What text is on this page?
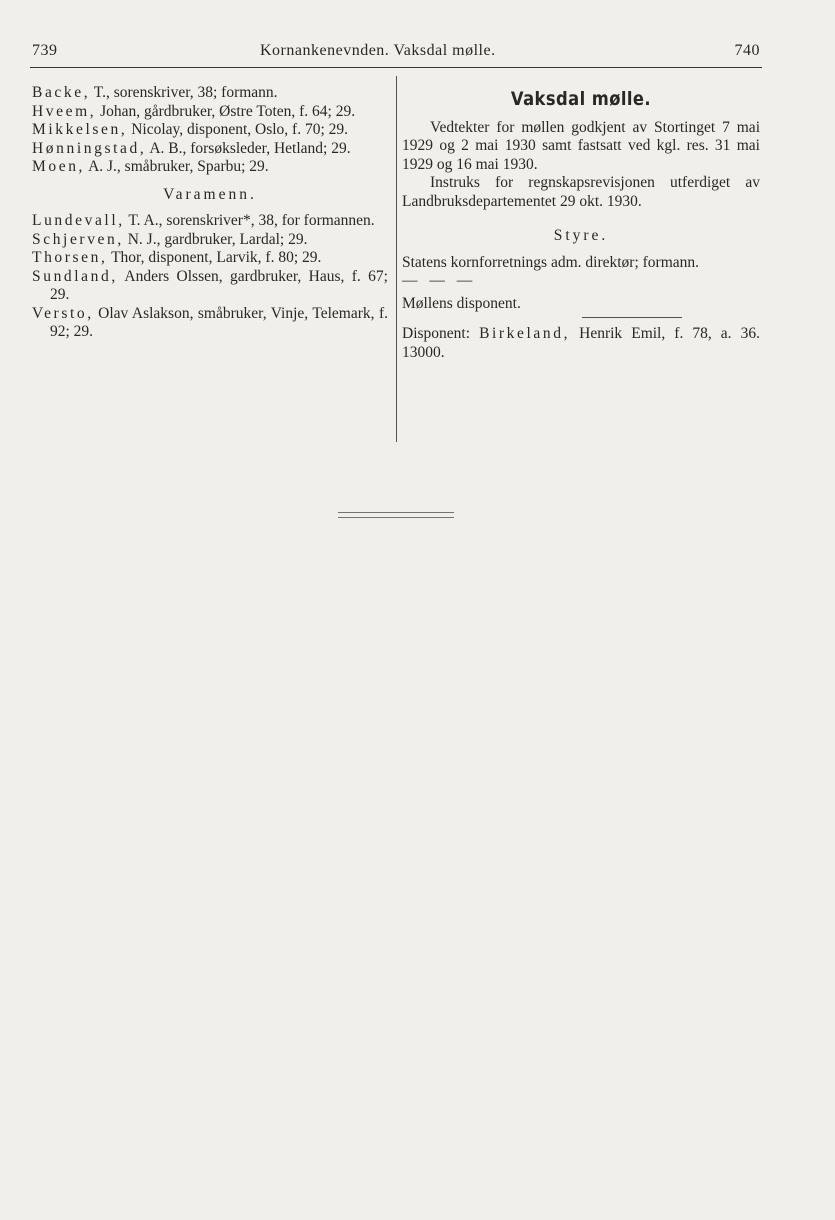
739	Kornankenevnden. Vaksdal mølle.	740

Backe, T., sorenskriver, 38; formann.

Hveem, Johan, gårdbruker, Østre Toten, f. 64; 29.

Mikkelsen, Nicolay, disponent, Oslo, f. 70; 29.

Hønningstad, A. B., forsøksleder, Hetland; 29.

Moen, A. J., småbruker, Sparbu; 29.

Varamenn.

Lundevall, T. A., sorenskriver*, 38, for formannen.

Schjerven, N. J., gardbruker, Lardal; 29.

Thorsen, Thor, disponent, Larvik, f. 80; 29.

Sundland, Anders Olssen, gardbruker, Haus, f. 67; 29.

Versto, Olav Aslakson, småbruker, Vinje, Telemark, f. 92; 29.

Vaksdal mølle.

Vedtekter for møllen godkjent av Stortinget 7 mai 1929 og 2 mai 1930 samt fastsatt ved kgl. res. 31 mai 1929 og 16 mai 1930.

Instruks for regnskapsrevisjonen utferdiget av Landbruksdepartementet 29 okt. 1930.

Styre.

Statens kornforretnings adm. direktør; formann.

— — —

Møllens disponent.

Disponent: Birkeland, Henrik Emil, f. 78, a. 36. 13000.
